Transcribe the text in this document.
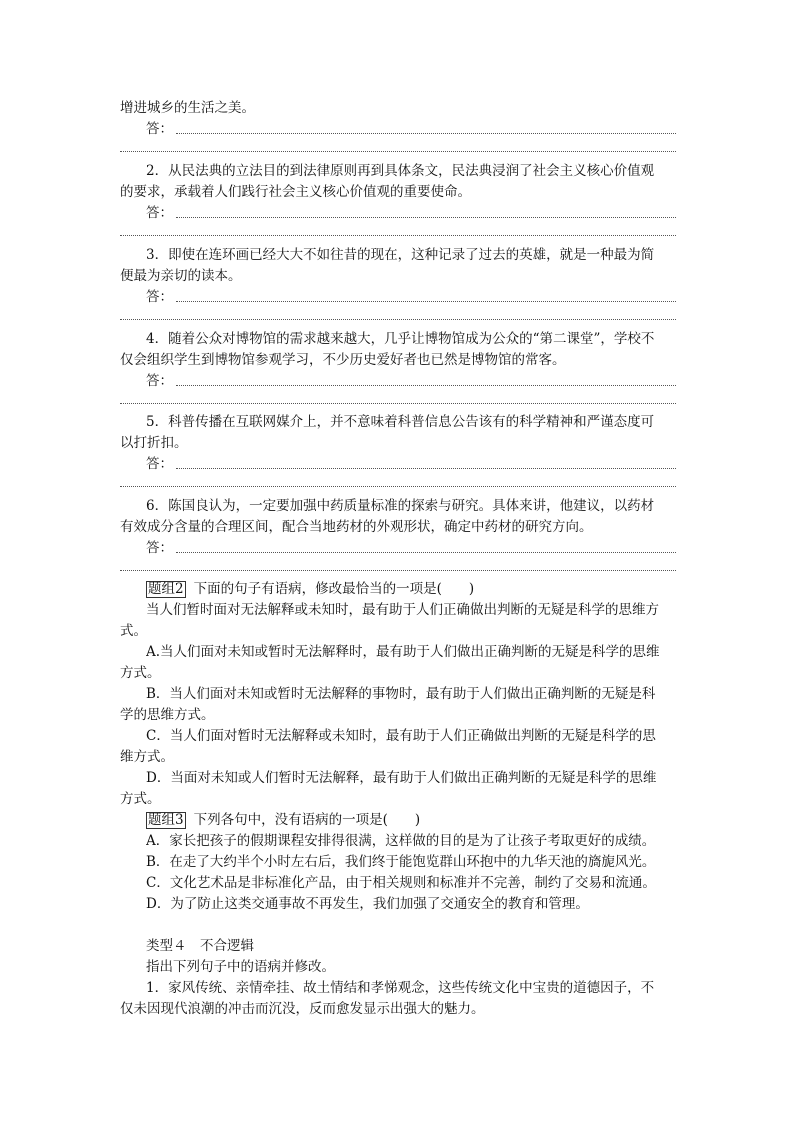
增进城乡的生活之美。
答：
2．从民法典的立法目的到法律原则再到具体条文，民法典浸润了社会主义核心价值观
的要求，承载着人们践行社会主义核心价值观的重要使命。
答：
3．即使在连环画已经大大不如往昔的现在，这种记录了过去的英雄，就是一种最为简
便最为亲切的读本。
答：
4．随着公众对博物馆的需求越来越大，几乎让博物馆成为公众的“第二课堂”，学校不
仅会组织学生到博物馆参观学习，不少历史爱好者也已然是博物馆的常客。
答：
5．科普传播在互联网媒介上，并不意味着科普信息公告该有的科学精神和严谨态度可
以打折扣。
答：
6．陈国良认为，一定要加强中药质量标准的探索与研究。具体来讲，他建议，以药材
有效成分含量的合理区间，配合当地药材的外观形状，确定中药材的研究方向。
答：
题组2 下面的句子有语病，修改最恰当的一项是(　　)
当人们暂时面对无法解释或未知时，最有助于人们正确做出判断的无疑是科学的思维方
式。
A.当人们面对未知或暂时无法解释时，最有助于人们做出正确判断的无疑是科学的思维
方式。
B．当人们面对未知或暂时无法解释的事物时，最有助于人们做出正确判断的无疑是科
学的思维方式。
C．当人们面对暂时无法解释或未知时，最有助于人们正确做出判断的无疑是科学的思
维方式。
D．当面对未知或人们暂时无法解释，最有助于人们做出正确判断的无疑是科学的思维
方式。
题组3 下列各句中，没有语病的一项是(　　)
A．家长把孩子的假期课程安排得很满，这样做的目的是为了让孩子考取更好的成绩。
B．在走了大约半个小时左右后，我们终于能饱览群山环抱中的九华天池的旖旎风光。
C．文化艺术品是非标准化产品，由于相关规则和标准并不完善，制约了交易和流通。
D．为了防止这类交通事故不再发生，我们加强了交通安全的教育和管理。
类型４　不合逻辑
指出下列句子中的语病并修改。
1．家风传统、亲情牵挂、故土情结和孝悌观念，这些传统文化中宝贵的道德因子，不
仅未因现代浪潮的冲击而沉没，反而愈发显示出强大的魅力。
